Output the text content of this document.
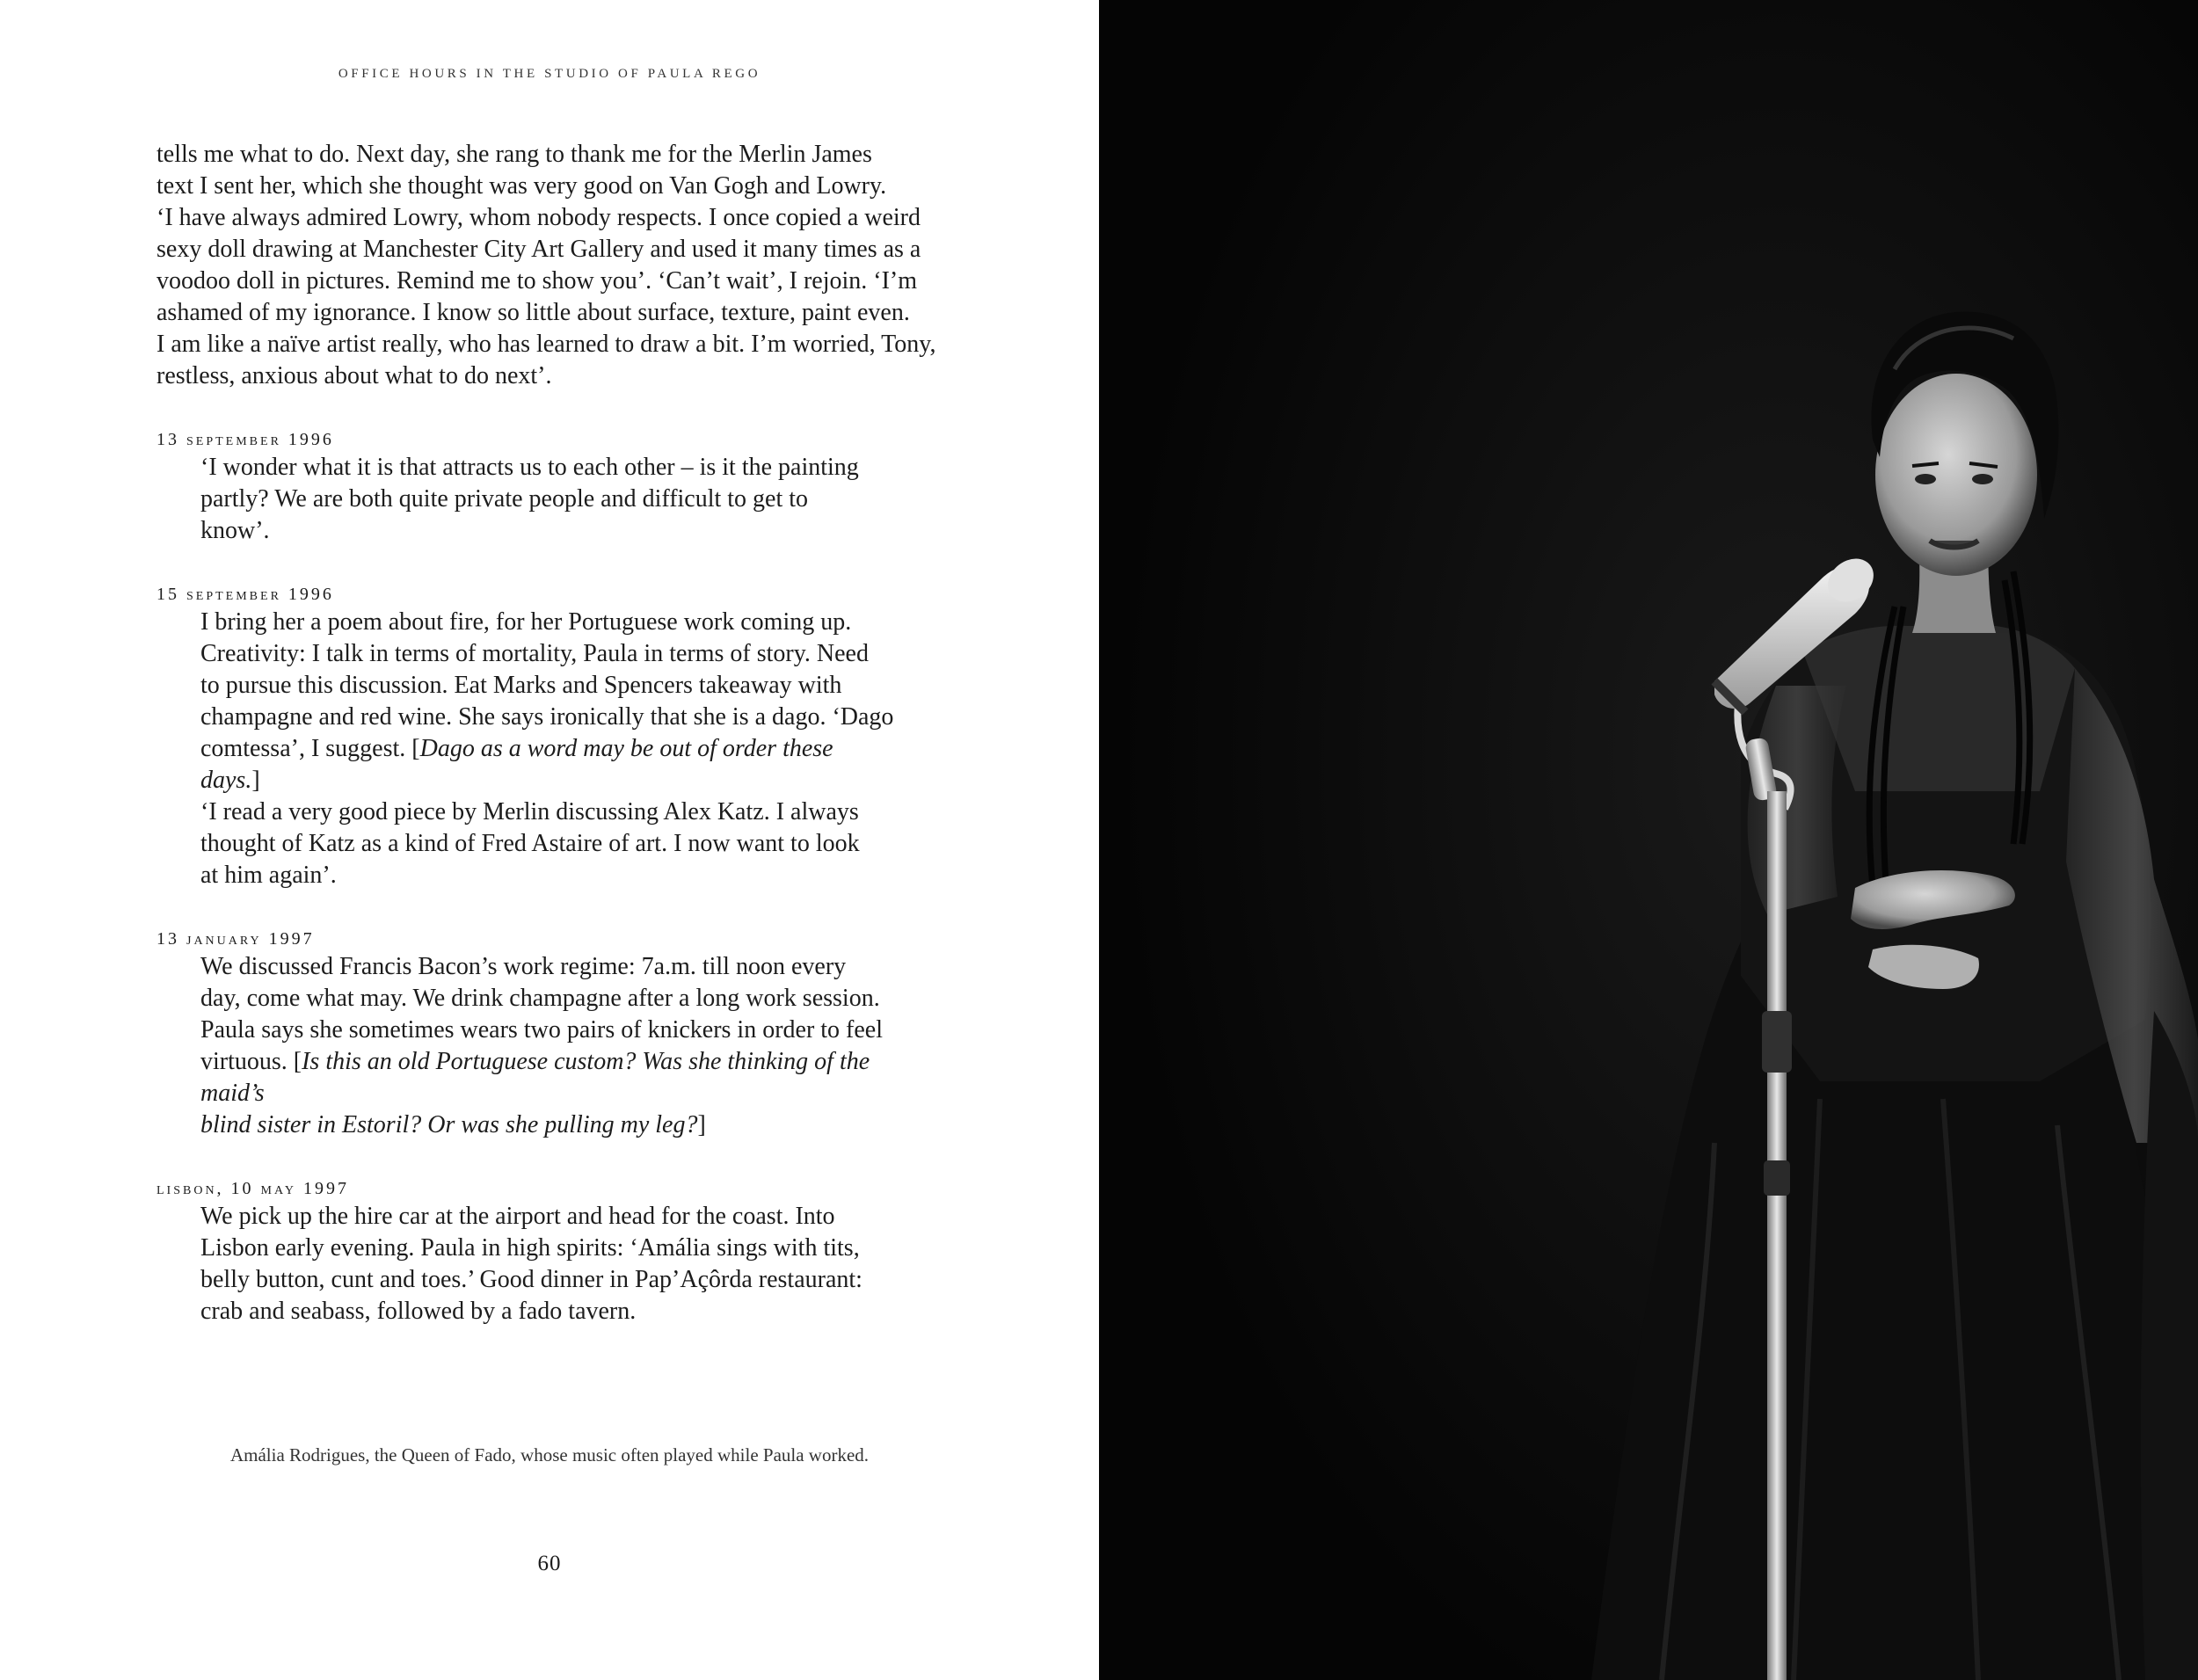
OFFICE HOURS IN THE STUDIO OF PAULA REGO
tells me what to do. Next day, she rang to thank me for the Merlin James
text I sent her, which she thought was very good on Van Gogh and Lowry.
‘I have always admired Lowry, whom nobody respects. I once copied a weird
sexy doll drawing at Manchester City Art Gallery and used it many times as a
voodoo doll in pictures. Remind me to show you’. ‘Can’t wait’, I rejoin. ‘I’m
ashamed of my ignorance. I know so little about surface, texture, paint even.
I am like a naïve artist really, who has learned to draw a bit. I’m worried, Tony,
restless, anxious about what to do next’.

13 september 1996

‘I wonder what it is that attracts us to each other – is it the painting

partly? We are both quite private people and difficult to get to

know’.

15 september 1996

I bring her a poem about fire, for her Portuguese work coming up.

Creativity: I talk in terms of mortality, Paula in terms of story. Need

to pursue this discussion. Eat Marks and Spencers takeaway with

champagne and red wine. She says ironically that she is a dago. ‘Dago

comtessa’, I suggest. [Dago as a word may be out of order these days.]

‘I read a very good piece by Merlin discussing Alex Katz. I always

thought of Katz as a kind of Fred Astaire of art. I now want to look

at him again’.

13 january 1997

We discussed Francis Bacon’s work regime: 7a.m. till noon every

day, come what may. We drink champagne after a long work session.

Paula says she sometimes wears two pairs of knickers in order to feel

virtuous. [Is this an old Portuguese custom? Was she thinking of the maid’s

blind sister in Estoril? Or was she pulling my leg?]

lisbon, 10 may 1997

We pick up the hire car at the airport and head for the coast. Into

Lisbon early evening. Paula in high spirits: ‘Amália sings with tits,

belly button, cunt and toes.’ Good dinner in Pap’Açôrda restaurant:

crab and seabass, followed by a fado tavern.

Amália Rodrigues, the Queen of Fado, whose music often played while Paula worked.
60
